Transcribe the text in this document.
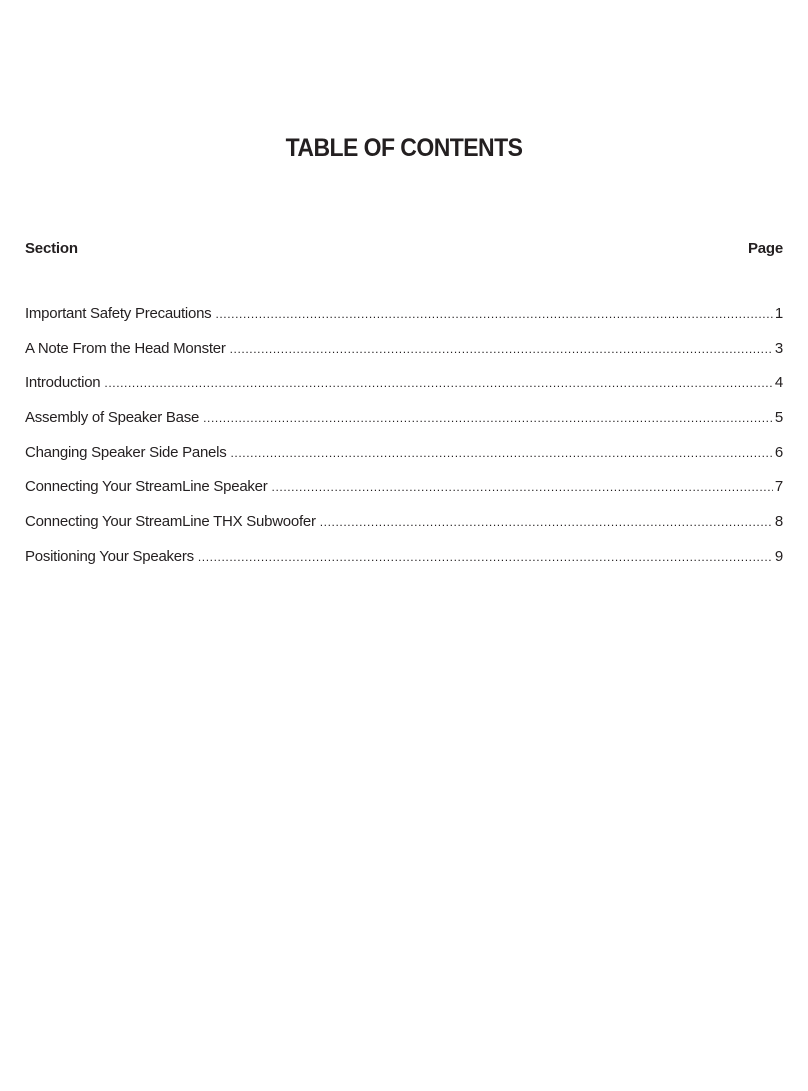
TABLE OF CONTENTS
Section	Page
Important Safety Precautions .....	1
A Note From the Head Monster .....	3
Introduction .....	4
Assembly of Speaker Base .....	5
Changing Speaker Side Panels .....	6
Connecting Your StreamLine Speaker .....	7
Connecting Your StreamLine THX Subwoofer .....	8
Positioning Your Speakers .....	9
